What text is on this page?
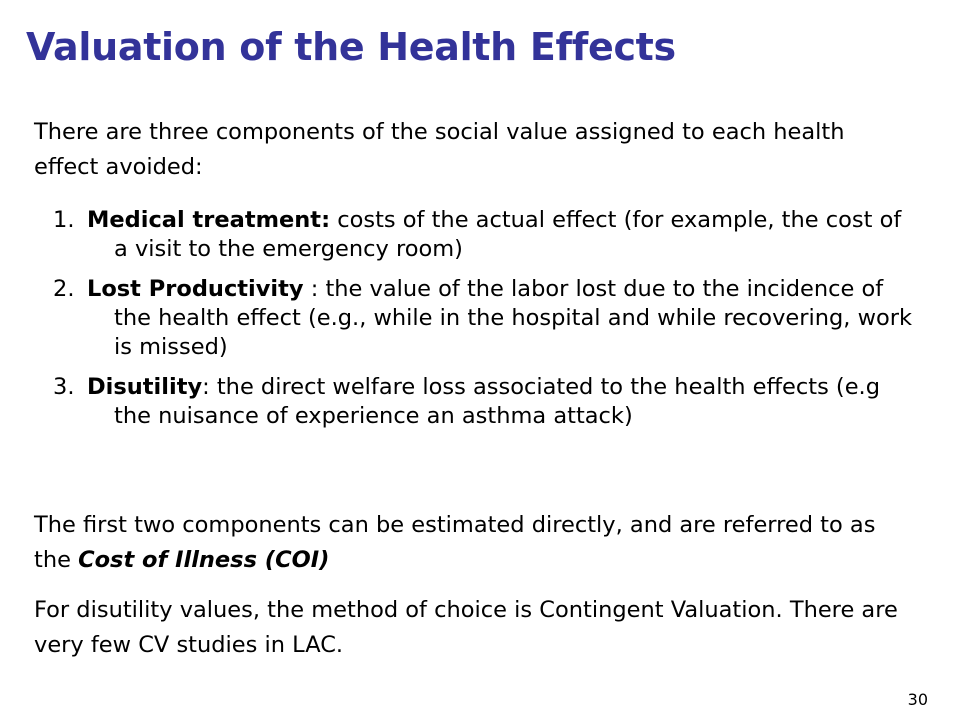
Valuation of the Health Effects

There are three components of the social value assigned to each health effect avoided:

1. Medical treatment: costs of the actual effect (for example, the cost of a visit to the emergency room)
2. Lost Productivity : the value of the labor lost due to the incidence of the health effect (e.g., while in the hospital and while recovering, work is missed)
3. Disutility: the direct welfare loss associated to the health effects (e.g the nuisance of experience an asthma attack)

The first two components can be estimated directly, and are referred to as the Cost of Illness (COI)

For disutility values, the method of choice is Contingent Valuation. There are very few CV studies in LAC.

30
